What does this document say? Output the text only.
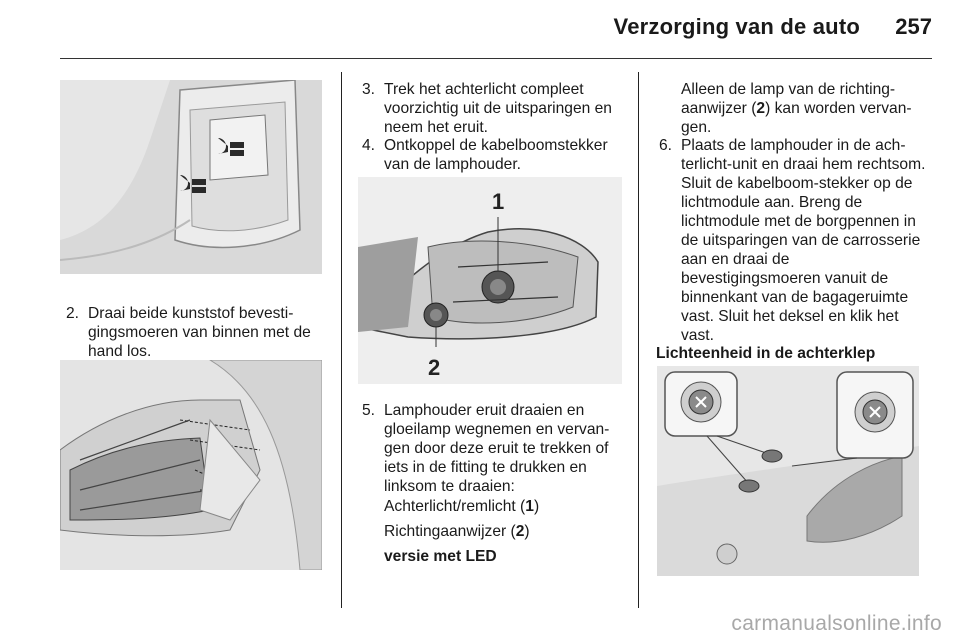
Verzorging van de auto	257
2. Draai beide kunststof bevesti-gingsmoeren van binnen met de hand los.
3. Trek het achterlicht compleet voorzichtig uit de uitsparingen en neem het eruit.
4. Ontkoppel de kabelboomstekker van de lamphouder.
1
2
5. Lamphouder eruit draaien en gloeilamp wegnemen en vervan-gen door deze eruit te trekken of iets in de fitting te drukken en linksom te draaien:
Achterlicht/remlicht (1)
Richtingaanwijzer (2)
versie met LED
Alleen de lamp van de richting-aanwijzer (2) kan worden vervan-gen.
6. Plaats de lamphouder in de ach-terlicht-unit en draai hem rechtsom. Sluit de kabelboom-stekker op de lichtmodule aan. Breng de lichtmodule met de borgpennen in de uitsparingen van de carrosserie aan en draai de bevestigingsmoeren vanuit de binnenkant van de bagageruimte vast. Sluit het deksel en klik het vast.
Lichteenheid in de achterklep
carmanualsonline.info
